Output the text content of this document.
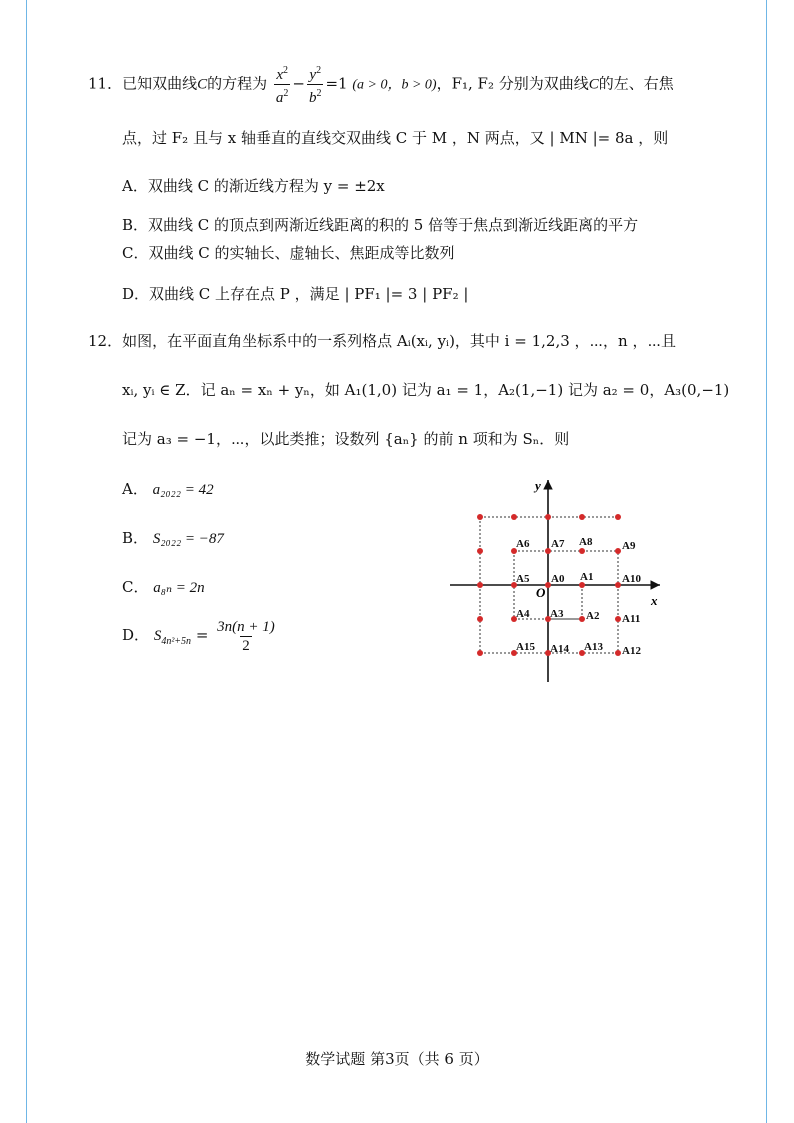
11．已知双曲线C的方程为 $\frac{x^2}{a^2} - \frac{y^2}{b^2} =1$ (a > 0，b > 0)，F₁, F₂ 分别为双曲线C的左、右焦
点，过 F₂ 且与 x 轴垂直的直线交双曲线 C 于 M ，N 两点，又 | MN |= 8a ，则
A．双曲线 C 的渐近线方程为 y = ±2x
B．双曲线 C 的顶点到两渐近线距离的积的 5 倍等于焦点到渐近线距离的平方
C．双曲线 C 的实轴长、虚轴长、焦距成等比数列
D．双曲线 C 上存在点 P ，满足 | PF₁ |= 3 | PF₂ |
12．如图，在平面直角坐标系中的一系列格点 Aᵢ(xᵢ, yᵢ)，其中 i = 1,2,3 ，⋯，n ，⋯且
xᵢ, yᵢ ∈ Z．记 aₙ = xₙ + yₙ，如 A₁(1,0) 记为 a₁ = 1，A₂(1,−1) 记为 a₂ = 0，A₃(0,−1)
记为 a₃ = −1，⋯，以此类推；设数列 {aₙ} 的前 n 项和为 Sₙ．则
A． a₂₀₂₂ = 42
B． S₂₀₂₂ = −87
C． a₈ₙ = 2n
D． $S_{4n^2+5n} = \frac{3n(n + 1)}{2}$
x
y
O
A0 A1
A2
A3
A4
A5
A6 A7 A8	A9
A10
A11
A12
A13
A14
A15
数学试题 第3页（共 6 页）
